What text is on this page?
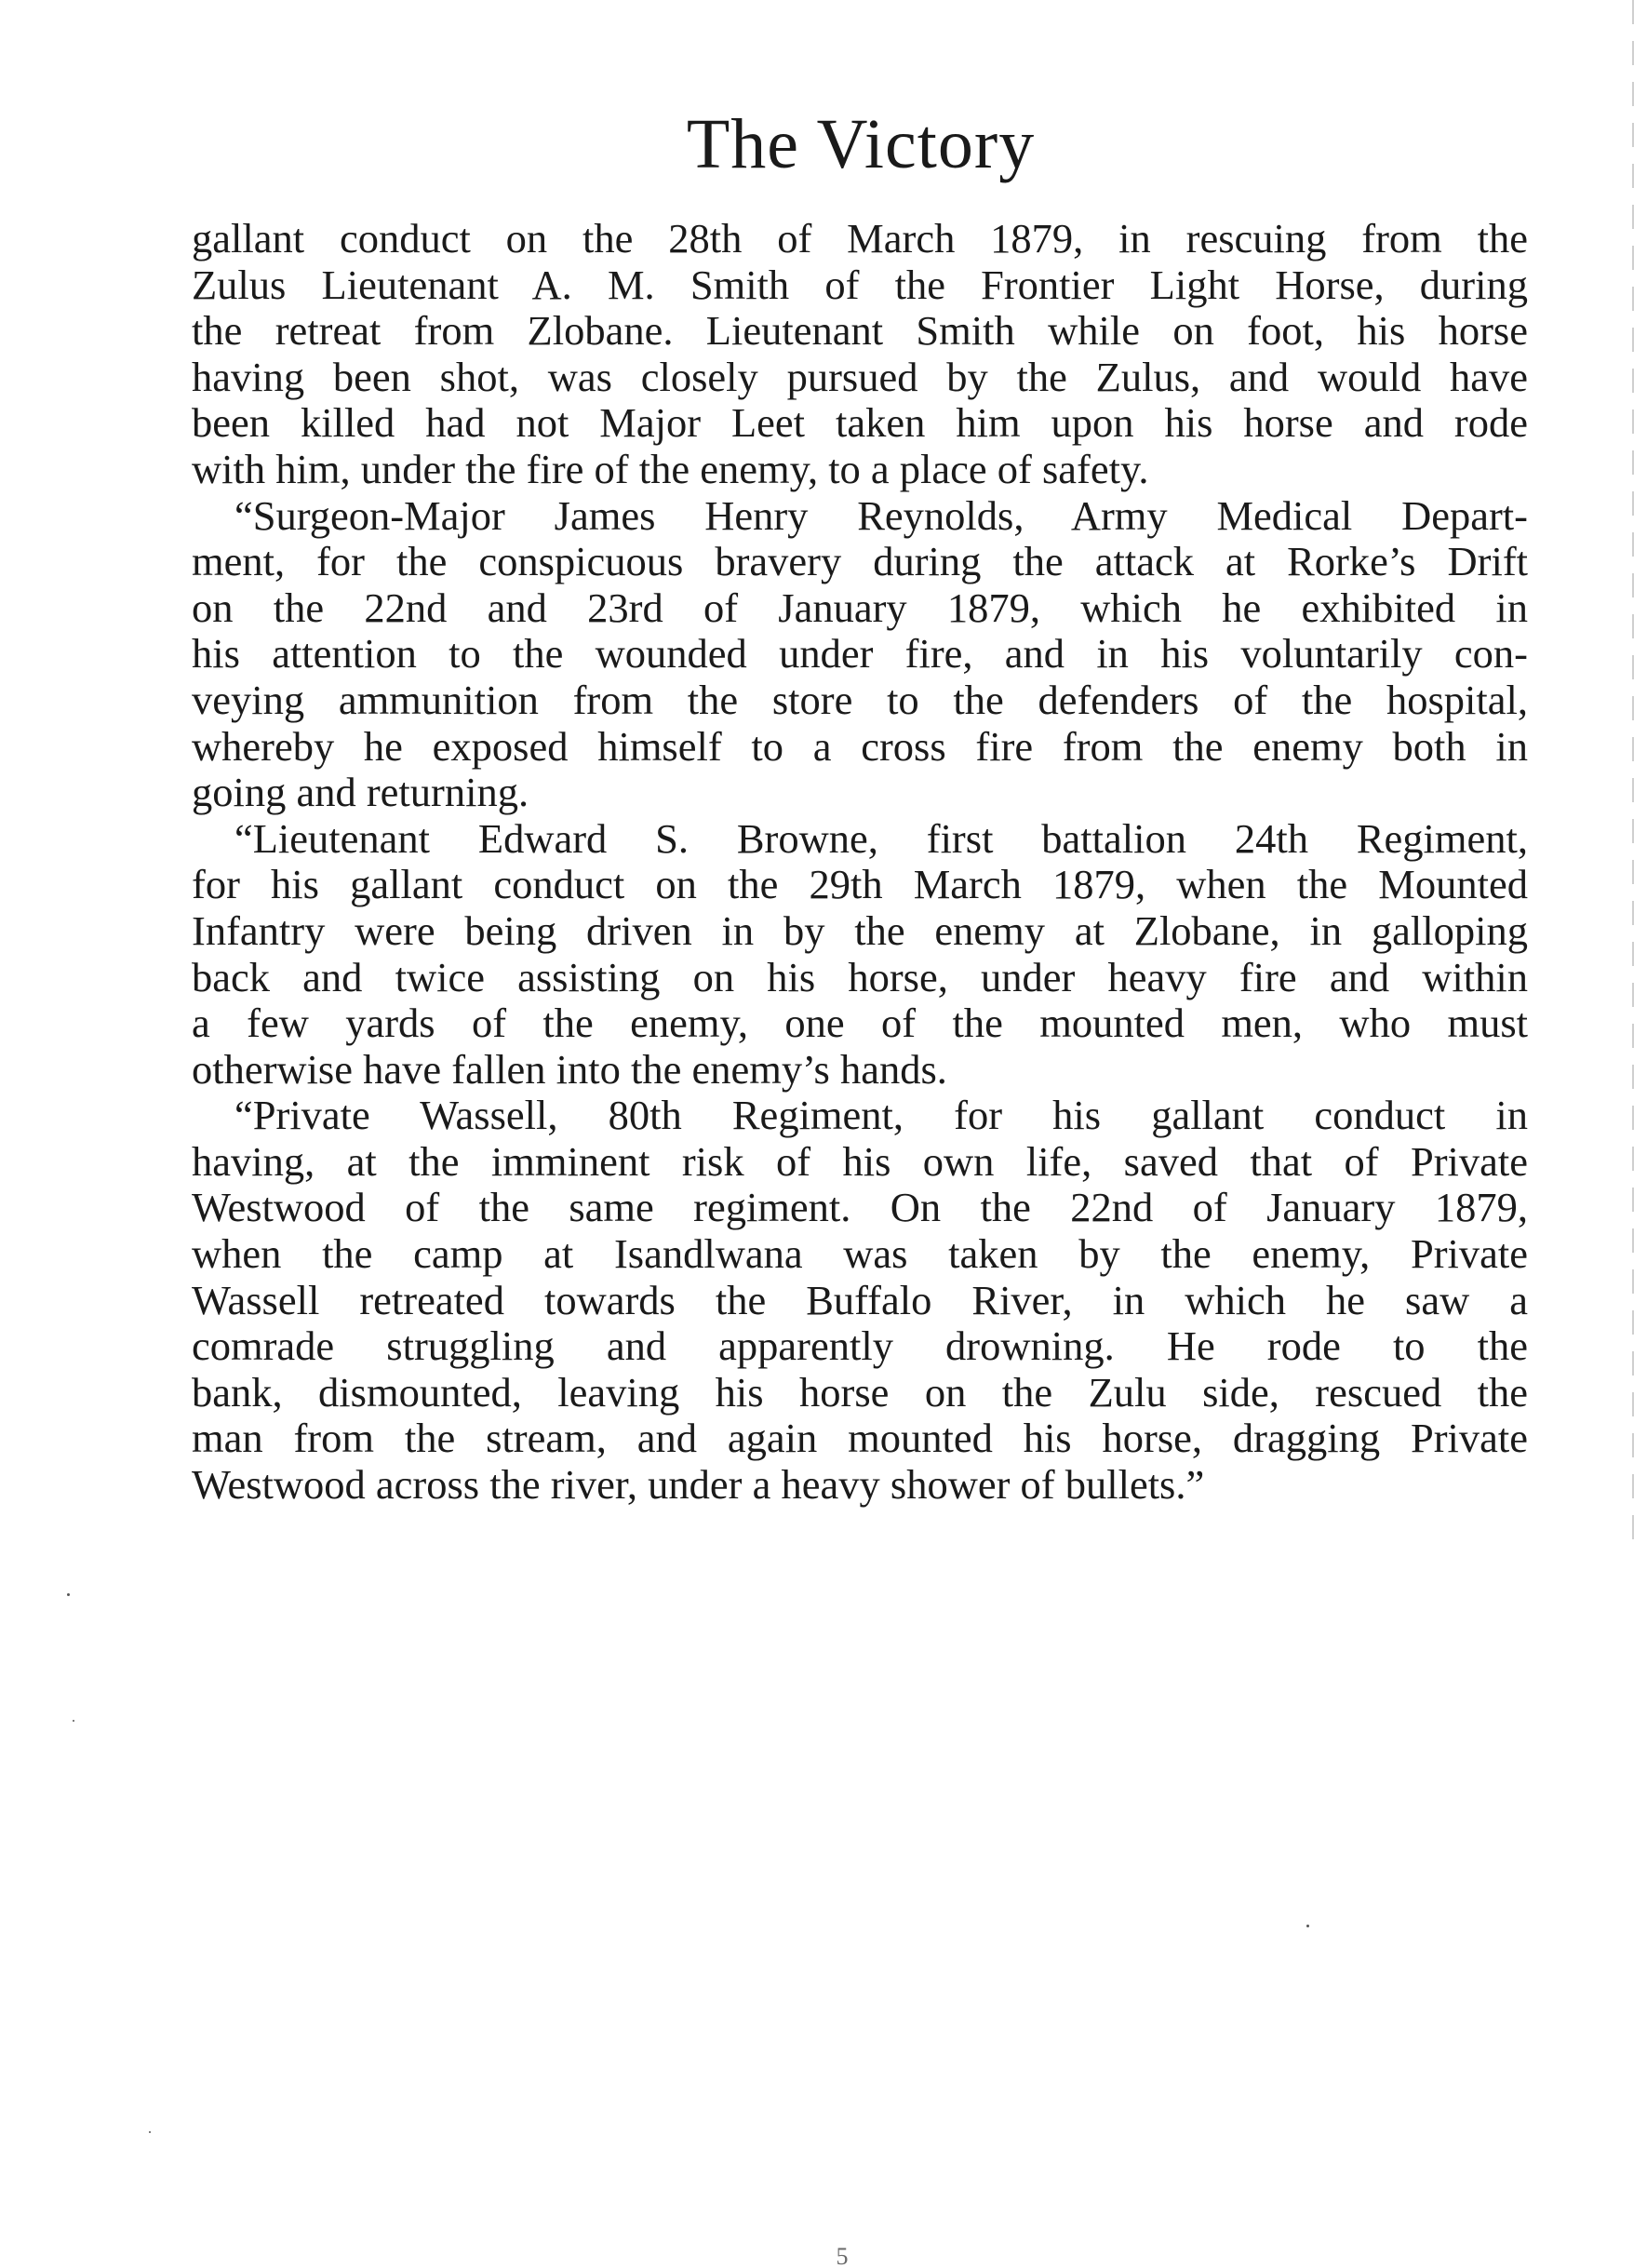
The Victory
gallant conduct on the 28th of March 1879, in rescuing from the
Zulus Lieutenant A. M. Smith of the Frontier Light Horse, during
the retreat from Zlobane. Lieutenant Smith while on foot, his horse
having been shot, was closely pursued by the Zulus, and would have
been killed had not Major Leet taken him upon his horse and rode
with him, under the fire of the enemy, to a place of safety.
“Surgeon-Major James Henry Reynolds, Army Medical Depart-
ment, for the conspicuous bravery during the attack at Rorke’s Drift
on the 22nd and 23rd of January 1879, which he exhibited in
his attention to the wounded under fire, and in his voluntarily con-
veying ammunition from the store to the defenders of the hospital,
whereby he exposed himself to a cross fire from the enemy both in
going and returning.
“Lieutenant Edward S. Browne, first battalion 24th Regiment,
for his gallant conduct on the 29th March 1879, when the Mounted
Infantry were being driven in by the enemy at Zlobane, in galloping
back and twice assisting on his horse, under heavy fire and within
a few yards of the enemy, one of the mounted men, who must
otherwise have fallen into the enemy’s hands.
“Private Wassell, 80th Regiment, for his gallant conduct in
having, at the imminent risk of his own life, saved that of Private
Westwood of the same regiment. On the 22nd of January 1879,
when the camp at Isandlwana was taken by the enemy, Private
Wassell retreated towards the Buffalo River, in which he saw a
comrade struggling and apparently drowning. He rode to the
bank, dismounted, leaving his horse on the Zulu side, rescued the
man from the stream, and again mounted his horse, dragging Private
Westwood across the river, under a heavy shower of bullets.”
5
